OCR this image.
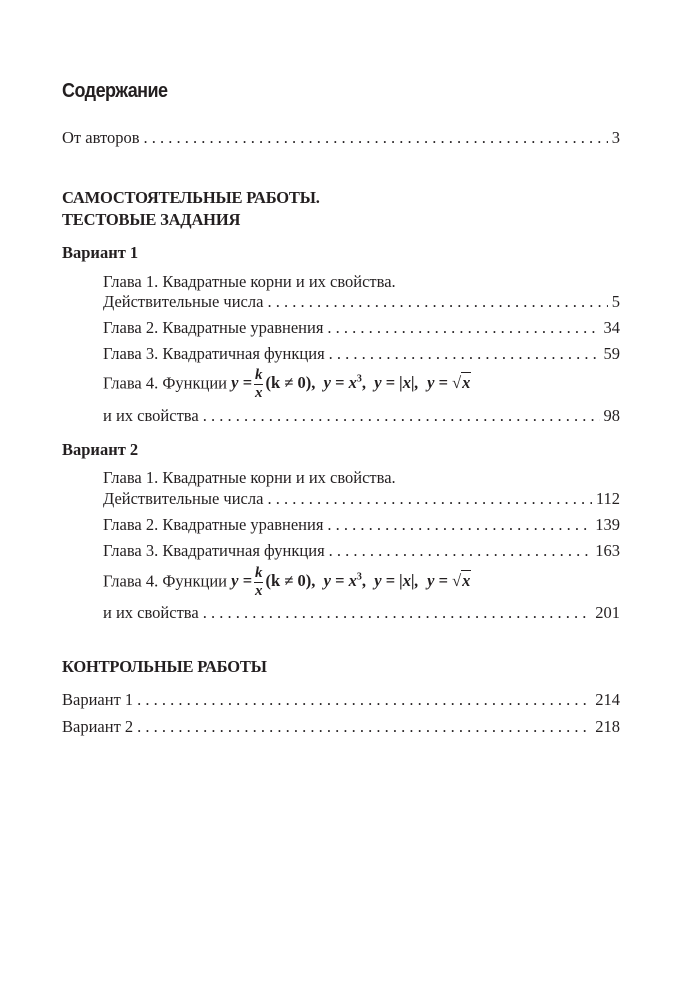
Содержание
От авторов . . .	3
САМОСТОЯТЕЛЬНЫЕ РАБОТЫ.
ТЕСТОВЫЕ ЗАДАНИЯ
Вариант 1
Глава 1. Квадратные корни и их свойства.
Действительные числа . . .	5
Глава 2. Квадратные уравнения . . .	34
Глава 3. Квадратичная функция . . .	59
Глава 4. Функции $y = \frac{k}{x} (k \ne 0)$, $y = x^3$, y = |x|, y = √x
и их свойства . . .	98
Вариант 2
Глава 1. Квадратные корни и их свойства.
Действительные числа . . .	112
Глава 2. Квадратные уравнения . . .	139
Глава 3. Квадратичная функция . . .	163
Глава 4. Функции $y = \frac{k}{x} (k \ne 0)$, $y = x^3$, y = |x|, y = √x
и их свойства . . .	201
КОНТРОЛЬНЫЕ РАБОТЫ
Вариант 1 . . .	214
Вариант 2 . . .	218
